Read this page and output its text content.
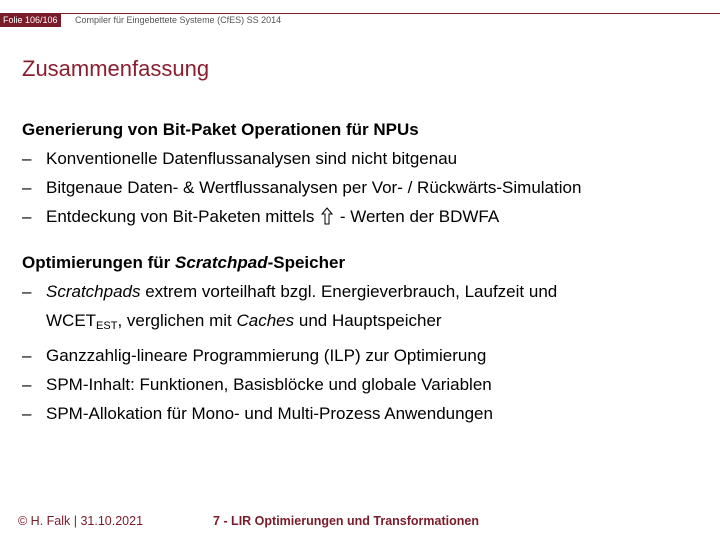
Folie 106/106	Compiler für Eingebettete Systeme (CfES) SS 2014
Zusammenfassung
Generierung von Bit-Paket Operationen für NPUs
– Konventionelle Datenflussanalysen sind nicht bitgenau
– Bitgenaue Daten- & Wertflussanalysen per Vor- / Rückwärts-Simulation
– Entdeckung von Bit-Paketen mittels - Werten der BDWFA
Optimierungen für Scratchpad-Speicher
– Scratchpads extrem vorteilhaft bzgl. Energieverbrauch, Laufzeit und
$WCET_{EST}$, verglichen mit Caches und Hauptspeicher
– Ganzzahlig-lineare Programmierung (ILP) zur Optimierung
– SPM-Inhalt: Funktionen, Basisblöcke und globale Variablen
– SPM-Allokation für Mono- und Multi-Prozess Anwendungen
© H. Falk | 31.10.2021	7 - LIR Optimierungen und Transformationen
